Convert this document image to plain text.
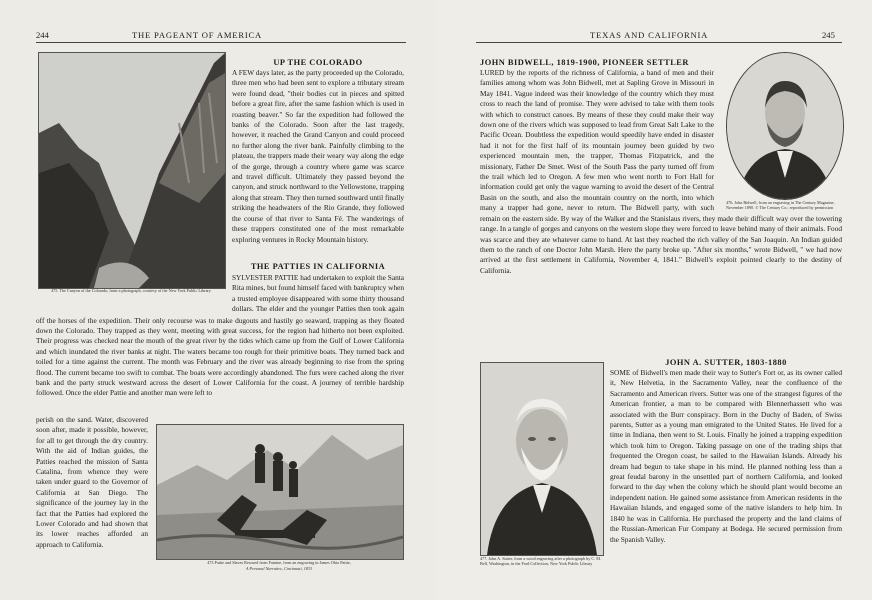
244	THE PAGEANT OF AMERICA
475. The Canyon of the Colorado, from a photograph, courtesy of the New York Public Library
UP THE COLORADO

A FEW days later, as the party proceeded up the Colorado, three men who had been sent to explore a tributary stream were found dead, "their bodies cut in pieces and spitted before a great fire, after the same fashion which is used in roasting beaver." So far the expedition had followed the banks of the Colorado. Soon after the last tragedy, however, it reached the Grand Canyon and could proceed no further along the river bank. Painfully climbing to the plateau, the trappers made their weary way along the edge of the gorge, through a country where game was scarce and travel difficult. Ultimately they passed beyond the canyon, and struck northward to the Yellowstone, trapping along that stream. They then turned southward until finally striking the headwaters of the Rio Grande, they followed the course of that river to Santa Fé. The wanderings of these trappers constituted one of the most remarkable exploring ventures in Rocky Mountain history.

THE PATTIES IN CALIFORNIA

SYLVESTER PATTIE had undertaken to exploit the Santa Rita mines, but found himself faced with bankruptcy when a trusted employee disappeared with some thirty thousand dollars. The elder and the younger Patties then took again

off the horses of the expedition. Their only recourse was to make dugouts and hastily go seaward, trapping as they floated down the Colorado. They trapped as they went, meeting with great success, for the region had hitherto not been exploited. Their progress was checked near the mouth of the great river by the tides which came up from the Gulf of Lower California and which inundated the river banks at night. The waters became too rough for their primitive boats. They turned back and toiled for a time against the current. The month was February and the river was already beginning to rise from the spring flood. The current became too swift to combat. The boats were accordingly abandoned. The furs were cached along the river bank and the party struck westward across the desert of Lower California for the coast. A journey of terrible hardship followed. Once the elder Pattie and another man were left to

perish on the sand. Water, discovered soon after, made it possible, however, for all to get through the dry country. With the aid of Indian guides, the Patties reached the mission of Santa Catalina, from whence they were taken under guard to the Governor of California at San Diego. The significance of the journey lay in the fact that the Patties had explored the Lower Colorado and had shown that its lower reaches afforded an approach to California.

473 Pattie and Slaves Rescued from Famine, from an engraving in James Ohio Pattie,
A Personal Narrative, Cincinnati, 1833
TEXAS AND CALIFORNIA	245
JOHN BIDWELL, 1819-1900, PIONEER SETTLER

LURED by the reports of the richness of California, a band of men and their families among whom was John Bidwell, met at Sapling Grove in Missouri in May 1841. Vague indeed was their knowledge of the country which they must cross to reach the land of promise. They were advised to take with them tools with which to construct canoes. By means of these they could make their way down one of the rivers which was supposed to lead from Great Salt Lake to the Pacific Ocean. Doubtless the expedition would speedily have ended in disaster had it not for the first half of its mountain journey been guided by two experienced mountain men, the trapper, Thomas Fitzpatrick, and the missionary, Father De Smet. West of the South Pass the party turned off from the trail which led to Oregon. A few men who went north to Fort Hall for information could get only the vague warning to avoid the desert of the Central Basin on the south, and also the mountain country on the north, into which many a trapper had gone, never to return. The Bidwell party, with such

remain on the eastern side. By way of the Walker and the Stanislaus rivers, they made their difficult way over the towering range. In a tangle of gorges and canyons on the western slope they were forced to leave behind many of their animals. Food was scarce and they ate whatever came to hand. At last they reached the rich valley of the San Joaquin. An Indian guided them to the ranch of one Doctor John Marsh. Here the party broke up. "After six months," wrote Bidwell, " we had now arrived at the first settlement in California, November 4, 1841." Bidwell's exploit pointed clearly to the destiny of California.

476. John Bidwell, from an engraving in The Century Magazine, November 1890. © The Century Co.; reproduced by permission
JOHN A. SUTTER, 1803-1880

SOME of Bidwell's men made their way to Sutter's Fort or, as its owner called it, New Helvetia, in the Sacramento Valley, near the confluence of the Sacramento and American rivers. Sutter was one of the strangest figures of the American frontier, a man to be compared with Blennerhassett who was associated with the Burr conspiracy. Born in the Duchy of Baden, of Swiss parents, Sutter as a young man emigrated to the United States. He lived for a time in Indiana, then went to St. Louis. Finally he joined a trapping expedition which took him to Oregon. Taking passage on one of the trading ships that frequented the Oregon coast, he sailed to the Hawaiian Islands. Already his dream had begun to take shape in his mind. He planned nothing less than a great feudal barony in the unsettled part of northern California, and looked forward to the day when the colony which he should plant would become an independent nation. He gained some assistance from American residents in the Hawaiian Islands, and engaged some of the native islanders to help him. In 1840 he was in California. He purchased the property and the land claims of the Russian-American Fur Company at Bodega. He secured permission from the Spanish Valley.

477. John A. Sutter, from a wood engraving after a photograph by C. M. Bell, Washington, in the Ford Collection, New York Public Library
